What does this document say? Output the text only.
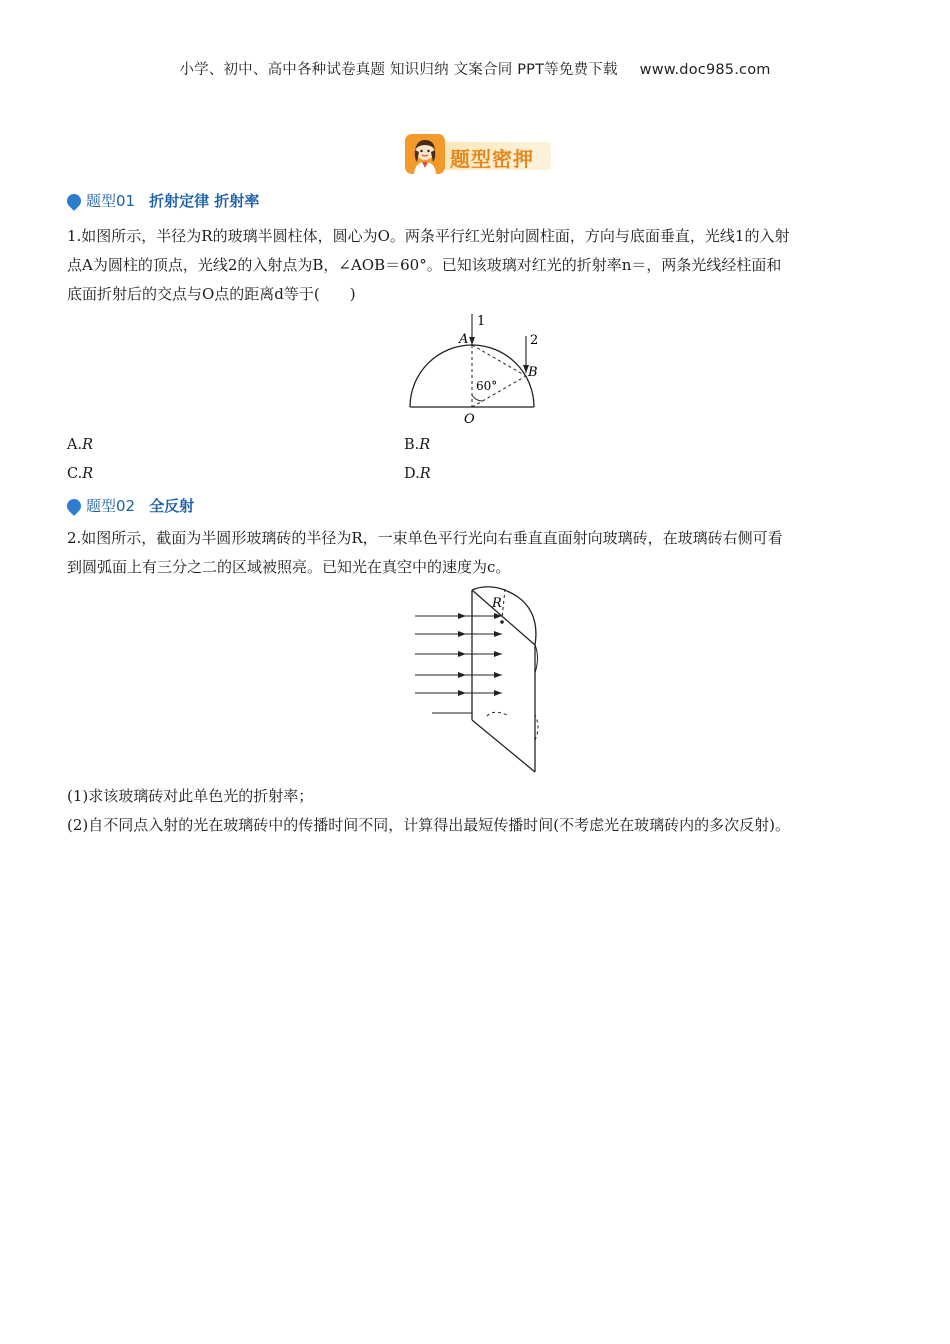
小学、初中、高中各种试卷真题 知识归纳 文案合同 PPT等免费下载 www.doc985.com
题型密押
题型01 折射定律 折射率
1.如图所示，半径为R的玻璃半圆柱体，圆心为O。两条平行红光射向圆柱面，方向与底面垂直，光线1的入射
点A为圆柱的顶点，光线2的入射点为B，∠AOB＝60°。已知该玻璃对红光的折射率n＝，两条光线经柱面和
底面折射后的交点与O点的距离d等于(　　)
1
2
A
B
O
60°
A.R	B.R
C.R	D.R
题型02 全反射
2.如图所示，截面为半圆形玻璃砖的半径为R，一束单色平行光向右垂直直面射向玻璃砖，在玻璃砖右侧可看
到圆弧面上有三分之二的区域被照亮。已知光在真空中的速度为c。
R
(1)求该玻璃砖对此单色光的折射率；
(2)自不同点入射的光在玻璃砖中的传播时间不同，计算得出最短传播时间(不考虑光在玻璃砖内的多次反射)。
